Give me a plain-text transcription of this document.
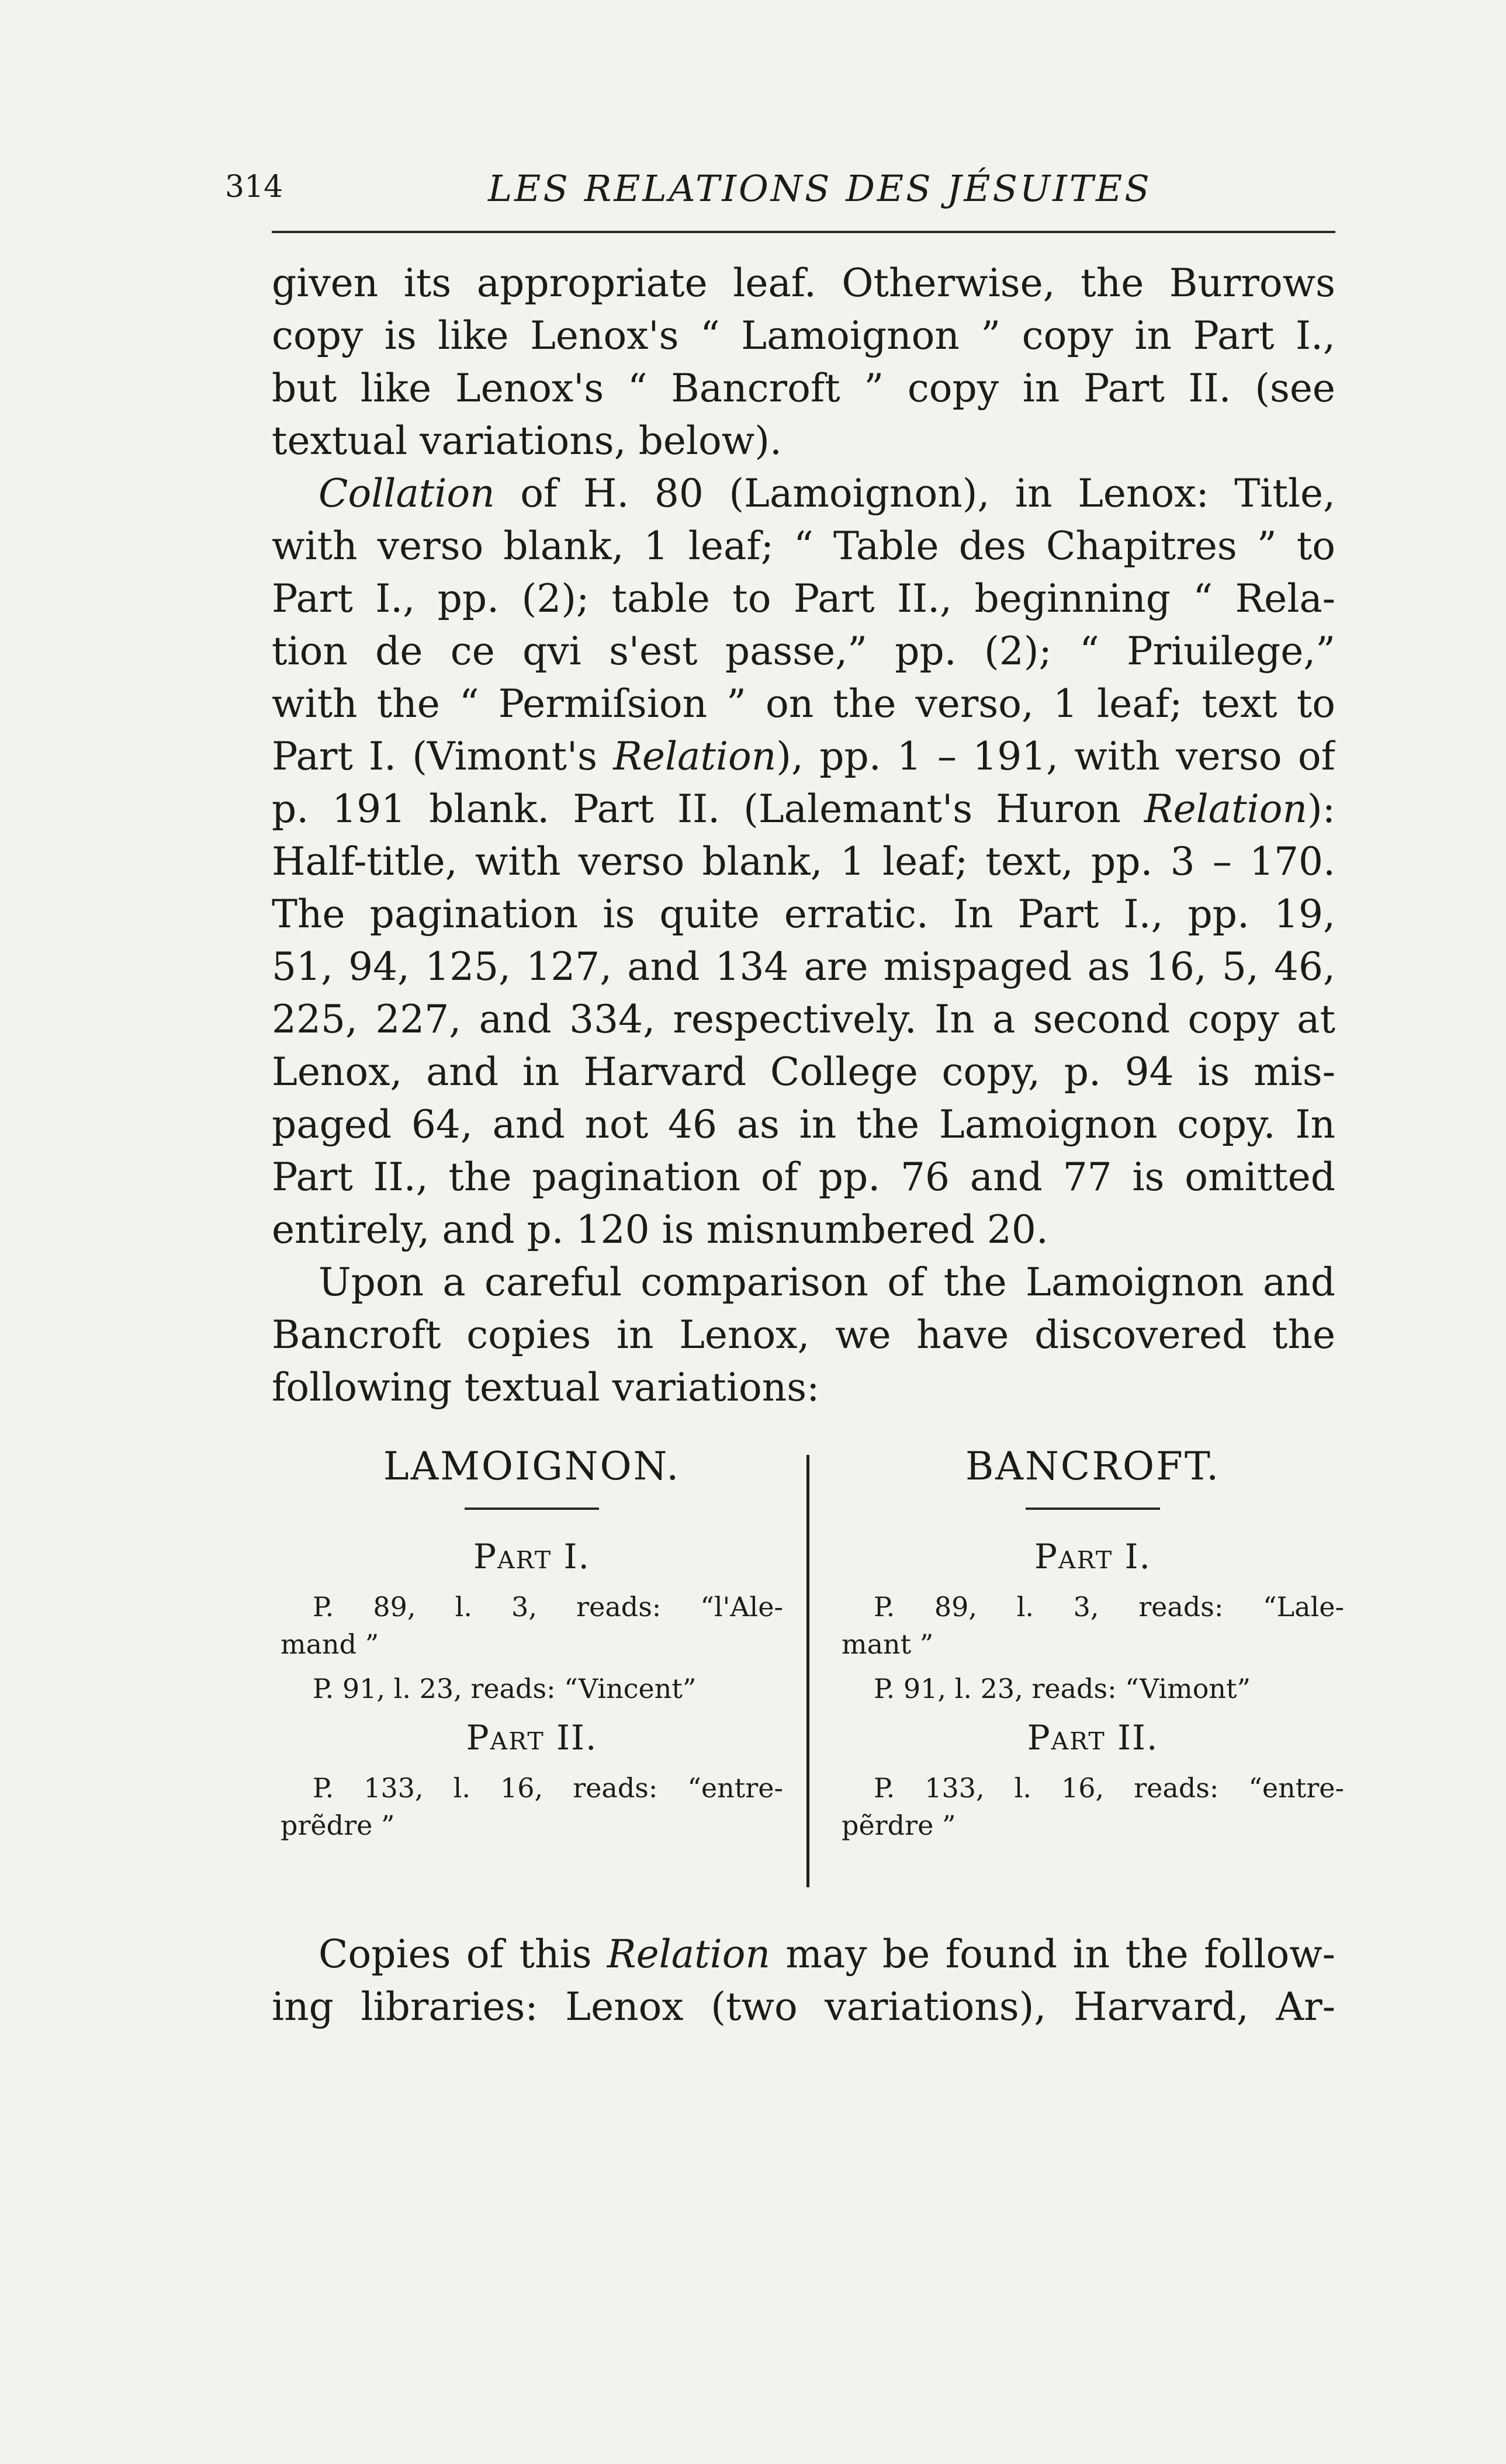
314	LES RELATIONS DES JÉSUITES

given its appropriate leaf. Otherwise, the Burrows

copy is like Lenox's “ Lamoignon ” copy in Part I.,

but like Lenox's “ Bancroft ” copy in Part II. (see

textual variations, below).

Collation of H. 80 (Lamoignon), in Lenox: Title,

with verso blank, 1 leaf; “ Table des Chapitres ” to

Part I., pp. (2); table to Part II., beginning “ Rela-

tion de ce qvi s'est passe,” pp. (2); “ Priuilege,”

with the “ Permiſsion ” on the verso, 1 leaf; text to

Part I. (Vimont's Relation), pp. 1 – 191, with verso of

p. 191 blank. Part II. (Lalemant's Huron Relation):

Half-title, with verso blank, 1 leaf; text, pp. 3 – 170.

The pagination is quite erratic. In Part I., pp. 19,

51, 94, 125, 127, and 134 are mispaged as 16, 5, 46,

225, 227, and 334, respectively. In a second copy at

Lenox, and in Harvard College copy, p. 94 is mis-

paged 64, and not 46 as in the Lamoignon copy. In

Part II., the pagination of pp. 76 and 77 is omitted

entirely, and p. 120 is misnumbered 20.

Upon a careful comparison of the Lamoignon and

Bancroft copies in Lenox, we have discovered the

following textual variations:

LAMOIGNON.
Part I.
P. 89, l. 3, reads: “l'Ale-
mand ”
P. 91, l. 23, reads: “Vincent”
Part II.
P. 133, l. 16, reads: “entre-
prẽdre ”
BANCROFT.
Part I.
P. 89, l. 3, reads: “Lale-
mant ”
P. 91, l. 23, reads: “Vimont”
Part II.
P. 133, l. 16, reads: “entre-
pẽrdre ”

Copies of this Relation may be found in the follow-

ing libraries: Lenox (two variations), Harvard, Ar-
